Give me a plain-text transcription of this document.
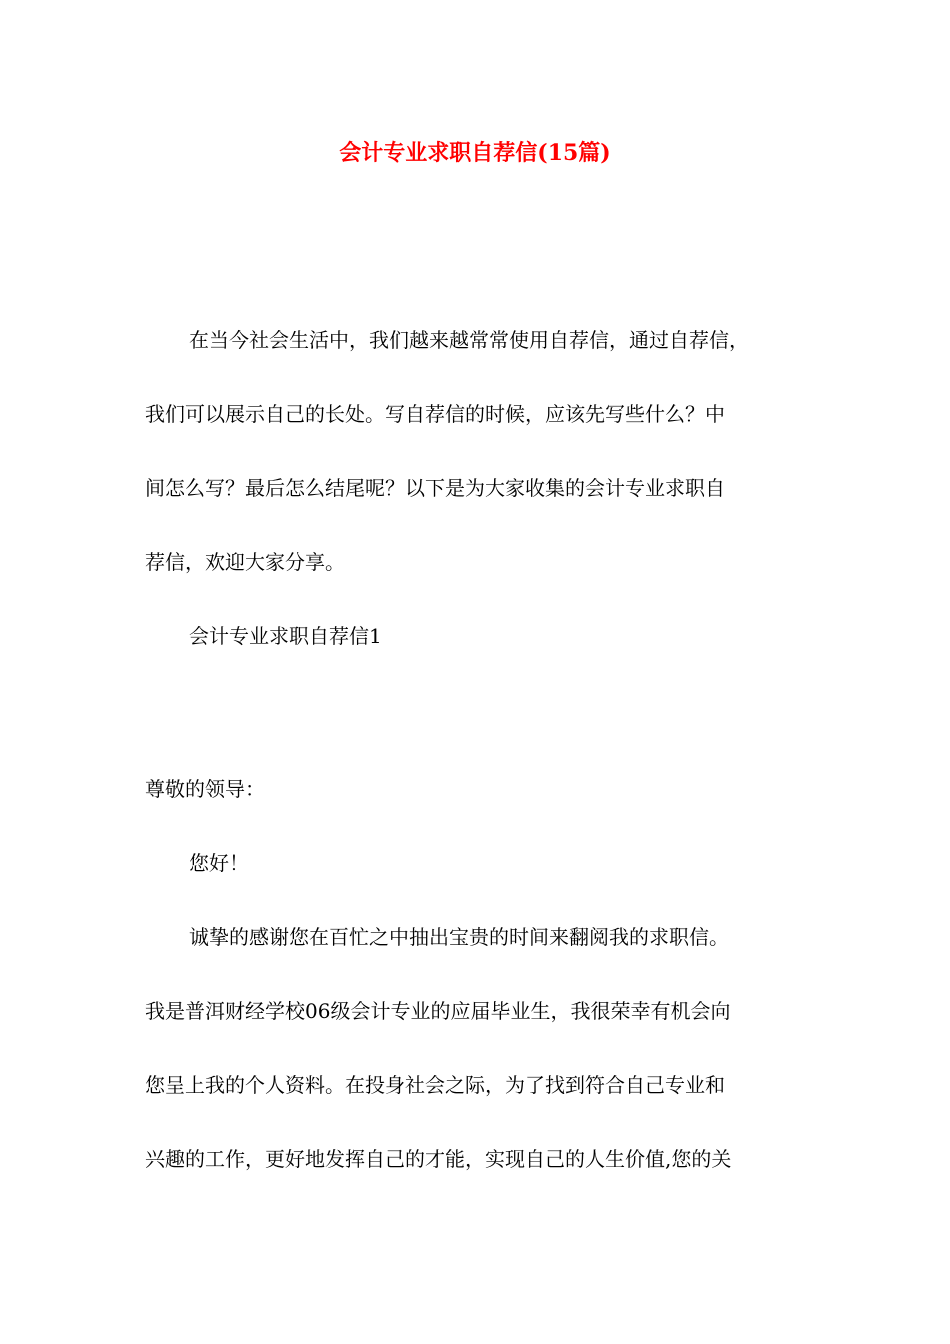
会计专业求职自荐信(15篇)
在当今社会生活中，我们越来越常常使用自荐信，通过自荐信，
我们可以展示自己的长处。写自荐信的时候，应该先写些什么？中
间怎么写？最后怎么结尾呢？以下是为大家收集的会计专业求职自
荐信，欢迎大家分享。
会计专业求职自荐信1
尊敬的领导：
您好！
诚挚的感谢您在百忙之中抽出宝贵的时间来翻阅我的求职信。
我是普洱财经学校06级会计专业的应届毕业生，我很荣幸有机会向
您呈上我的个人资料。在投身社会之际，为了找到符合自己专业和
兴趣的工作，更好地发挥自己的才能，实现自己的人生价值,您的关
